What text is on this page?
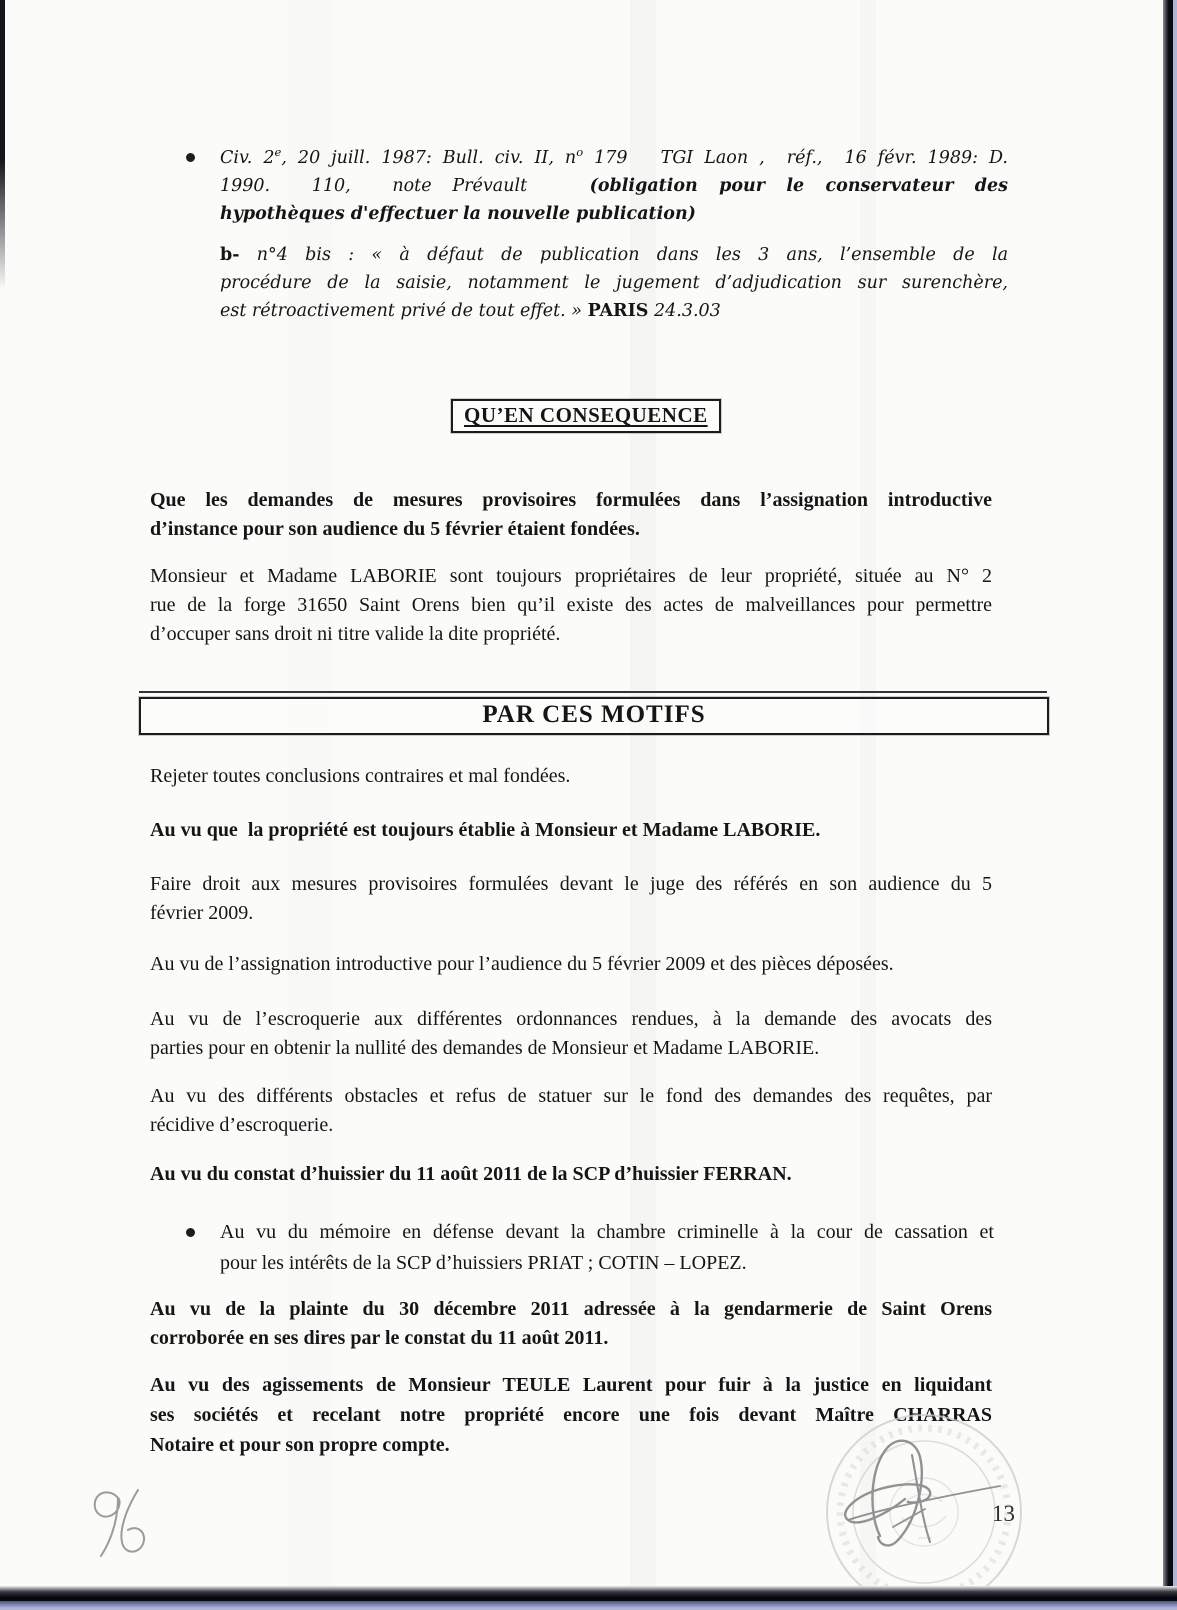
Civ. 2e, 20 juill. 1987: Bull. civ. II, $n^o$ 179   TGI Laon ,  réf.,  16 févr. 1989: D.
1990.  110,  note Prévault   (obligation pour le conservateur des
hypothèques d'effectuer la nouvelle publication)
b- n°4 bis : « à défaut de publication dans les 3 ans, l’ensemble de la
procédure de la saisie, notamment le jugement d’adjudication sur surenchère,
est rétroactivement privé de tout effet. » PARIS 24.3.03
QU’EN CONSEQUENCE
Que les demandes de mesures provisoires formulées dans l’assignation introductive
d’instance pour son audience du 5 février étaient fondées.
Monsieur et Madame LABORIE sont toujours propriétaires de leur propriété, située au N° 2
rue de la forge 31650 Saint Orens bien qu’il existe des actes de malveillances pour permettre
d’occuper sans droit ni titre valide la dite propriété.
PAR CES MOTIFS
Rejeter toutes conclusions contraires et mal fondées.
Au vu que  la propriété est toujours établie à Monsieur et Madame LABORIE.
Faire droit aux mesures provisoires formulées devant le juge des référés en son audience du 5
février 2009.
Au vu de l’assignation introductive pour l’audience du 5 février 2009 et des pièces déposées.
Au vu de l’escroquerie aux différentes ordonnances rendues, à la demande des avocats des
parties pour en obtenir la nullité des demandes de Monsieur et Madame LABORIE.
Au vu des différents obstacles et refus de statuer sur le fond des demandes des requêtes, par
récidive d’escroquerie.
Au vu du constat d’huissier du 11 août 2011 de la SCP d’huissier FERRAN.
Au vu du mémoire en défense devant la chambre criminelle à la cour de cassation et
pour les intérêts de la SCP d’huissiers PRIAT ; COTIN – LOPEZ.
Au vu de la plainte du 30 décembre 2011 adressée à la gendarmerie de Saint Orens
corroborée en ses dires par le constat du 11 août 2011.
Au vu des agissements de Monsieur TEULE Laurent pour fuir à la justice en liquidant
ses sociétés et recelant notre propriété encore une fois devant Maître CHARRAS
Notaire et pour son propre compte.
13
